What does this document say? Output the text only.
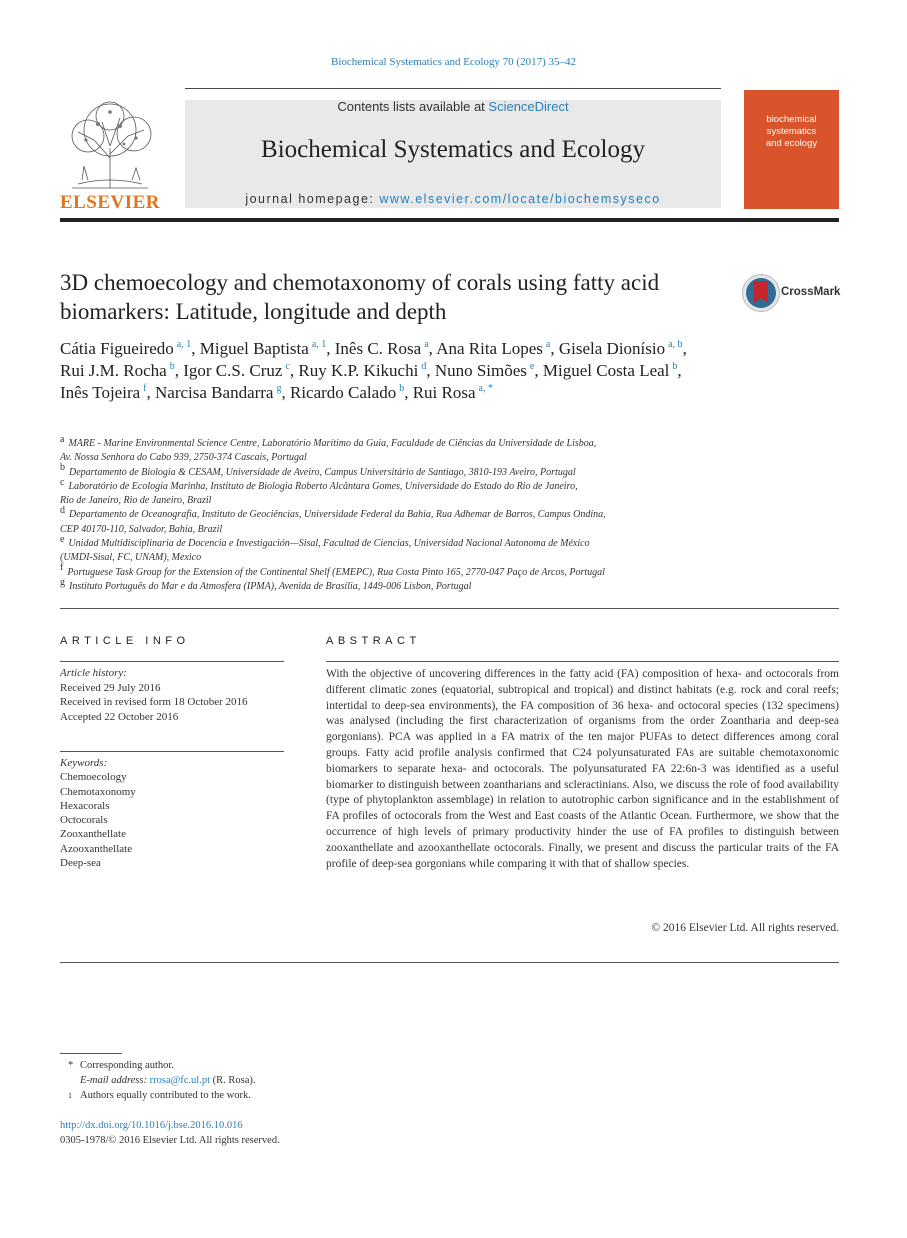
Biochemical Systematics and Ecology 70 (2017) 35–42
ELSEVIER
Contents lists available at ScienceDirect
Biochemical Systematics and Ecology
journal homepage: www.elsevier.com/locate/biochemsyseco
biochemical
systematics
and ecology
3D chemoecology and chemotaxonomy of corals using fatty acid biomarkers: Latitude, longitude and depth
CrossMark
Cátia Figueiredo $^{a, 1}$, Miguel Baptista $^{a, 1}$, Inês C. Rosa $^a$, Ana Rita Lopes $^a$, Gisela Dionísio $^{a, b}$, Rui J.M. Rocha $^b$, Igor C.S. Cruz $^c$, Ruy K.P. Kikuchi $^d$, Nuno Simões $^e$, Miguel Costa Leal $^b$, Inês Tojeira $^f$, Narcisa Bandarra $^g$, Ricardo Calado $^b$, Rui Rosa $^{a, *}$
$^a$ MARE - Marine Environmental Science Centre, Laboratório Marítimo da Guia, Faculdade de Ciências da Universidade de Lisboa,
Av. Nossa Senhora do Cabo 939, 2750-374 Cascais, Portugal
$^b$ Departamento de Biologia & CESAM, Universidade de Aveiro, Campus Universitário de Santiago, 3810-193 Aveiro, Portugal
$^c$ Laboratório de Ecologia Marinha, Instituto de Biologia Roberto Alcântara Gomes, Universidade do Estado do Rio de Janeiro,
Rio de Janeiro, Rio de Janeiro, Brazil
$^d$ Departamento de Oceanografia, Instituto de Geociências, Universidade Federal da Bahia, Rua Adhemar de Barros, Campus Ondina,
CEP 40170-110, Salvador, Bahia, Brazil
$^e$ Unidad Multidisciplinaria de Docencia e Investigación—Sisal, Facultad de Ciencias, Universidad Nacional Autonoma de México
(UMDI-Sisal, FC, UNAM), Mexico
$^f$ Portuguese Task Group for the Extension of the Continental Shelf (EMEPC), Rua Costa Pinto 165, 2770-047 Paço de Arcos, Portugal
$^g$ Instituto Português do Mar e da Atmosfera (IPMA), Avenida de Brasília, 1449-006 Lisbon, Portugal
ARTICLE INFO
Article history:
Received 29 July 2016
Received in revised form 18 October 2016
Accepted 22 October 2016
Keywords:
Chemoecology
Chemotaxonomy
Hexacorals
Octocorals
Zooxanthellate
Azooxanthellate
Deep-sea
ABSTRACT
With the objective of uncovering differences in the fatty acid (FA) composition of hexa- and octocorals from different climatic zones (equatorial, subtropical and tropical) and distinct habitats (e.g. rock and coral reefs; intertidal to deep-sea environments), the FA composition of 36 hexa- and octocoral species (132 specimens) was analysed (including the first characterization of organisms from the order Zoantharia and deep-sea gorgonians). PCA was applied in a FA matrix of the ten major PUFAs to detect differences among coral groups. Fatty acid profile analysis confirmed that C24 polyunsaturated FAs are suitable chemotaxonomic biomarkers to separate hexa- and octocorals. The polyunsaturated FA 22:6n-3 was identified as a useful biomarker to distinguish between zoantharians and scleractinians. Also, we discuss the role of food availability (type of phytoplankton assemblage) in relation to autotrophic carbon significance and in the establishment of FA profiles of octocorals from the West and East coasts of the Atlantic Ocean. Furthermore, we show that the occurrence of high levels of primary productivity hinder the use of FA profiles to distinguish between zooxanthellate and azooxanthellate octocorals. Finally, we present and discuss the particular traits of the FA profile of deep-sea gorgonians while comparing it with that of shallow species.
© 2016 Elsevier Ltd. All rights reserved.
* Corresponding author.
E-mail address: rrosa@fc.ul.pt (R. Rosa).
1 Authors equally contributed to the work.
http://dx.doi.org/10.1016/j.bse.2016.10.016
0305-1978/© 2016 Elsevier Ltd. All rights reserved.
